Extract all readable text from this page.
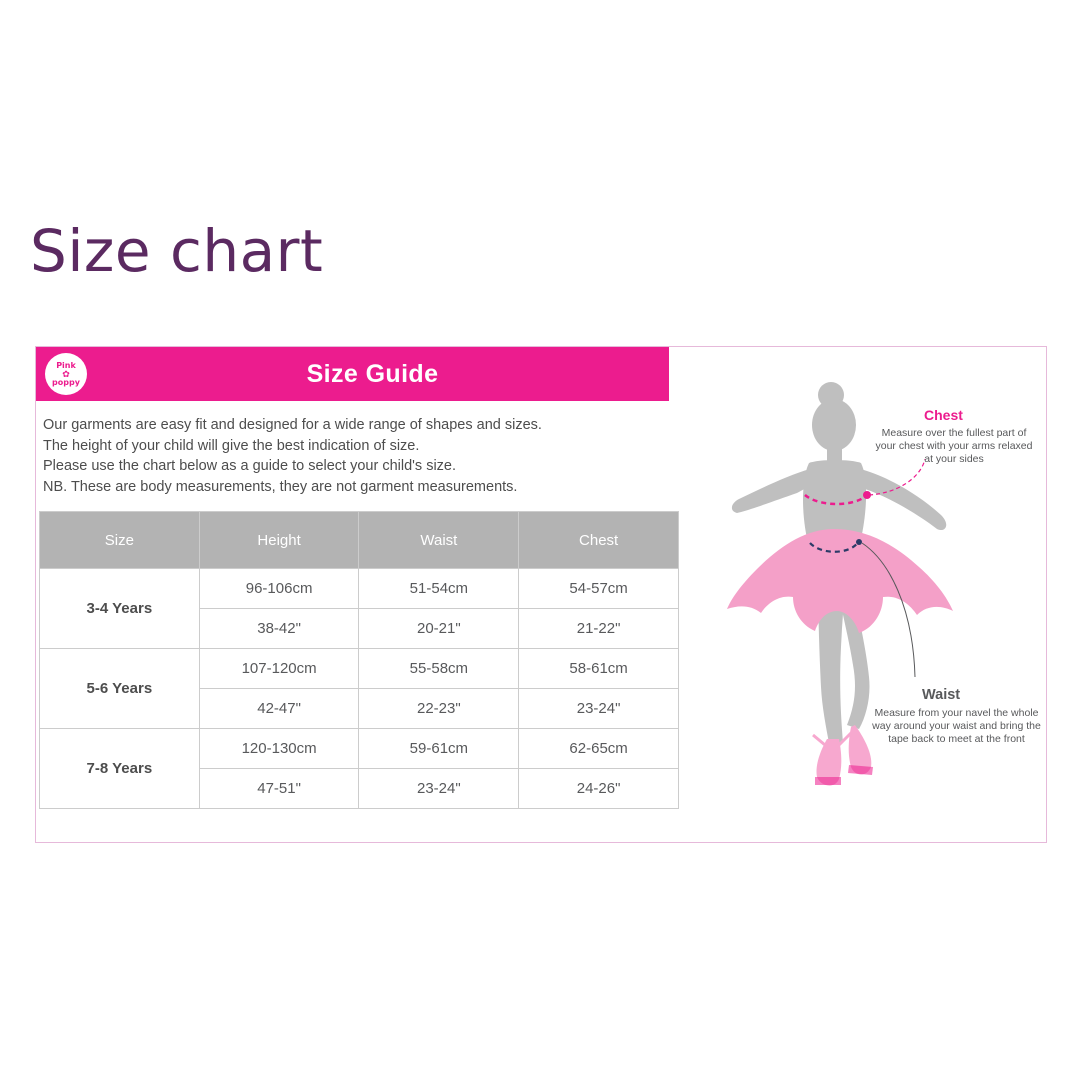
Size chart
Size Guide
Pink
✿
poppy
Our garments are easy fit and designed for a wide range of shapes and sizes.
The height of your child will give the best indication of size.
Please use the chart below as a guide to select your child's size.
NB. These are body measurements, they are not garment measurements.
Size	Height	Waist	Chest
3-4 Years	96-106cm	51-54cm	54-57cm
	38-42"	20-21"	21-22"
5-6 Years	107-120cm	55-58cm	58-61cm
	42-47"	22-23"	23-24"
7-8 Years	120-130cm	59-61cm	62-65cm
	47-51"	23-24"	24-26"
Chest
Measure over the fullest part of your chest with your arms relaxed at your sides
Waist
Measure from your navel the whole way around your waist and bring the tape back to meet at the front
